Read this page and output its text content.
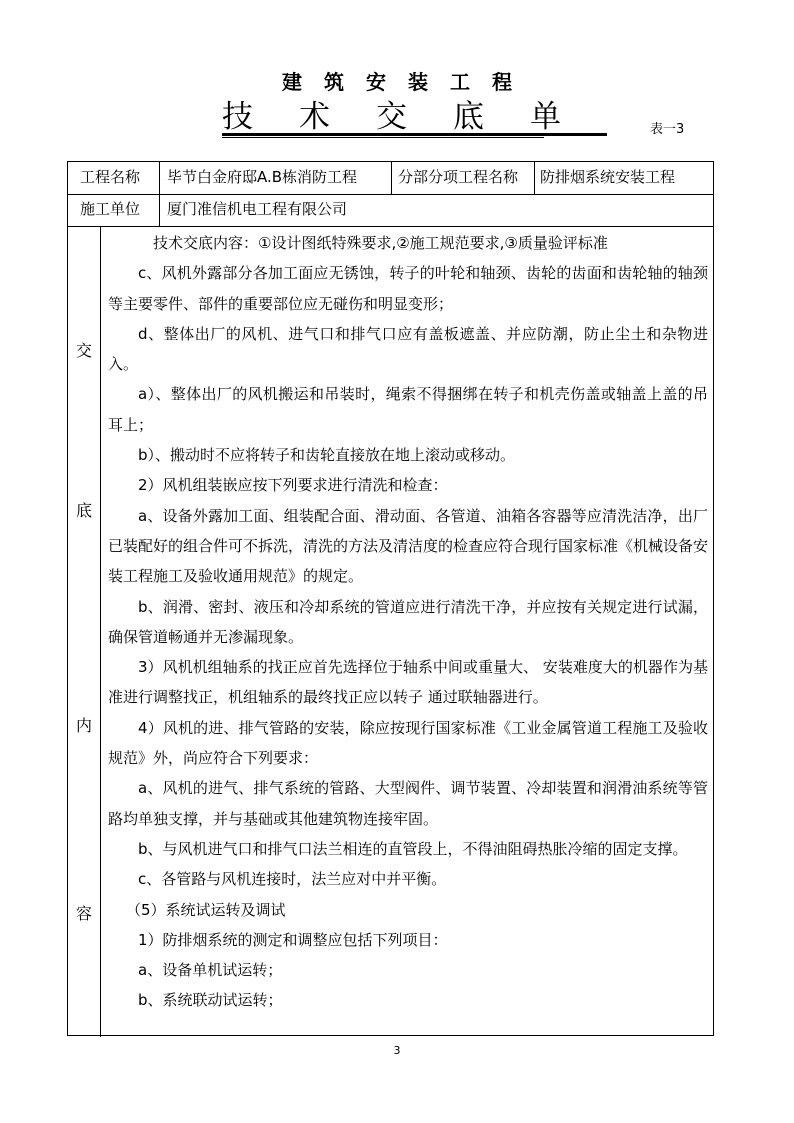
建筑安装工程
技术交底单	表一3
工程名称 毕节白金府邸A.B栋消防工程	分部分项工程名称 防排烟系统安装工程
施工单位 厦门准信机电工程有限公司
交
底
内
容

技术交底内容：①设计图纸特殊要求,②施工规范要求,③质量验评标准

c、风机外露部分各加工面应无锈蚀，转子的叶轮和轴颈、齿轮的齿面和齿轮轴的轴颈等主要零件、部件的重要部位应无碰伤和明显变形；

d、整体出厂的风机、进气口和排气口应有盖板遮盖、并应防潮，防止尘土和杂物进入。

a）、整体出厂的风机搬运和吊装时，绳索不得捆绑在转子和机壳伤盖或轴盖上盖的吊耳上；

b）、搬动时不应将转子和齿轮直接放在地上滚动或移动。

2）风机组装嵌应按下列要求进行清洗和检查：

a、设备外露加工面、组装配合面、滑动面、各管道、油箱各容器等应清洗洁净，出厂已装配好的组合件可不拆洗，清洗的方法及清洁度的检查应符合现行国家标准《机械设备安装工程施工及验收通用规范》的规定。

b、润滑、密封、液压和冷却系统的管道应进行清洗干净，并应按有关规定进行试漏，确保管道畅通并无渗漏现象。

3）风机机组轴系的找正应首先选择位于轴系中间或重量大、 安装难度大的机器作为基准进行调整找正，机组轴系的最终找正应以转子 通过联轴器进行。

4）风机的进、排气管路的安装，除应按现行国家标准《工业金属管道工程施工及验收规范》外，尚应符合下列要求：

a、风机的进气、排气系统的管路、大型阀件、调节装置、冷却装置和润滑油系统等管路均单独支撑，并与基础或其他建筑物连接牢固。

b、与风机进气口和排气口法兰相连的直管段上，不得油阻碍热胀冷缩的固定支撑。

c、各管路与风机连接时，法兰应对中并平衡。

（5）系统试运转及调试

1）防排烟系统的测定和调整应包括下列项目：

a、设备单机试运转；

b、系统联动试运转；

3
